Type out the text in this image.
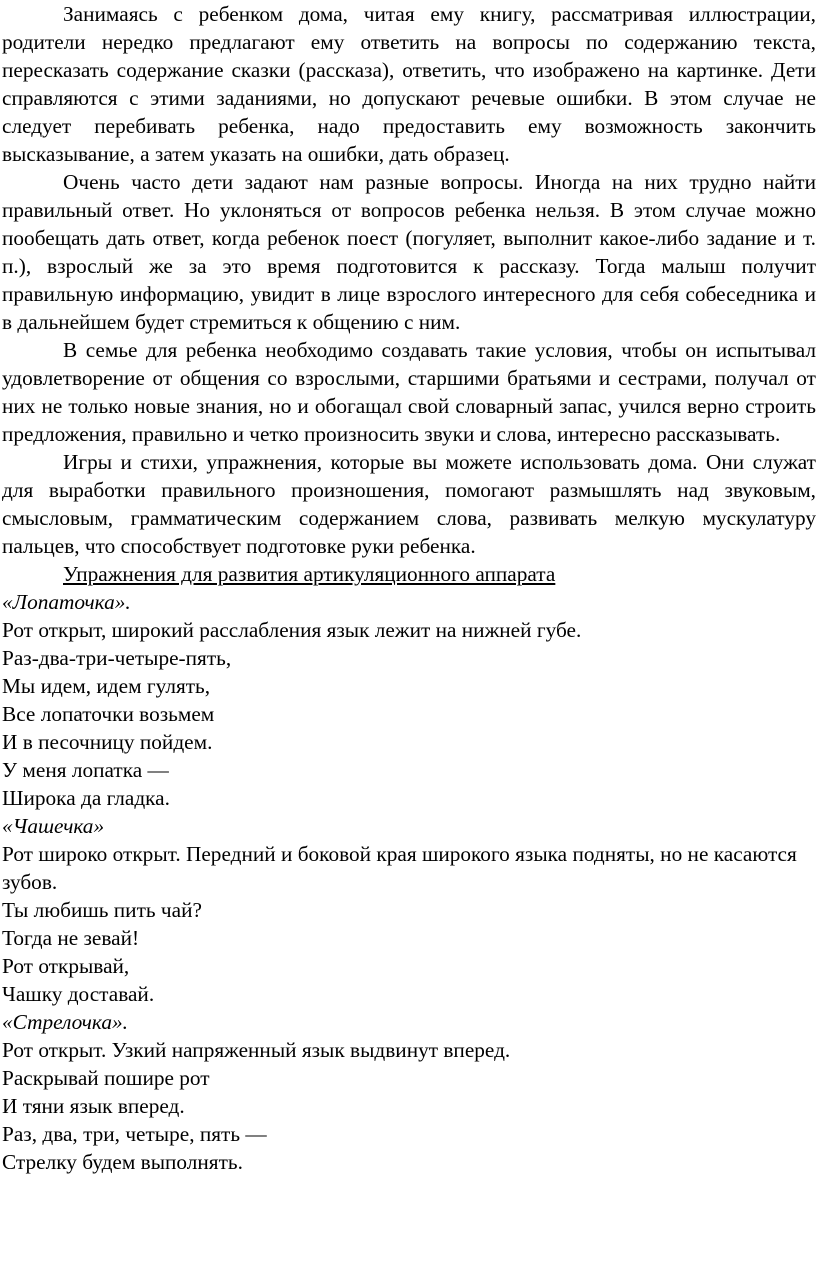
Занимаясь с ребенком дома, читая ему книгу, рассматривая иллюстрации, родители нередко предлагают ему ответить на вопросы по содержанию текста, пересказать содержание сказки (рассказа), ответить, что изображено на картинке. Дети справляются с этими заданиями, но допускают речевые ошибки. В этом случае не следует перебивать ребенка, надо предоставить ему возможность закончить высказывание, а затем указать на ошибки, дать образец.

Очень часто дети задают нам разные вопросы. Иногда на них трудно найти правильный ответ. Но уклоняться от вопросов ребенка нельзя. В этом случае можно пообещать дать ответ, когда ребенок поест (погуляет, выполнит какое-либо задание и т. п.), взрослый же за это время подготовится к рассказу. Тогда малыш получит правильную информацию, увидит в лице взрослого интересного для себя собеседника и в дальнейшем будет стремиться к общению с ним.

В семье для ребенка необходимо создавать такие условия, чтобы он испытывал удовлетворение от общения со взрослыми, старшими братьями и сестрами, получал от них не только новые знания, но и обогащал свой словарный запас, учился верно строить предложения, правильно и четко произносить звуки и слова, интересно рассказывать.

Игры и стихи, упражнения, которые вы можете использовать дома. Они служат для выработки правильного произношения, помогают размышлять над звуковым, смысловым, грамматическим содержанием слова, развивать мелкую мускулатуру пальцев, что способствует подготовке руки ребенка.

Упражнения для развития артикуляционного аппарата

«Лопаточка».

Рот открыт, широкий расслабления язык лежит на нижней губе.

Раз-два-три-четыре-пять,

Мы идем, идем гулять,

Все лопаточки возьмем

И в песочницу пойдем.

У меня лопатка —

Широка да гладка.

«Чашечка»

Рот широко открыт. Передний и боковой края широкого языка подняты, но не касаются зубов.

Ты любишь пить чай?

Тогда не зевай!

Рот открывай,

Чашку доставай.

«Стрелочка».

Рот открыт. Узкий напряженный язык выдвинут вперед.

Раскрывай пошире рот

И тяни язык вперед.

Раз, два, три, четыре, пять —

Стрелку будем выполнять.
